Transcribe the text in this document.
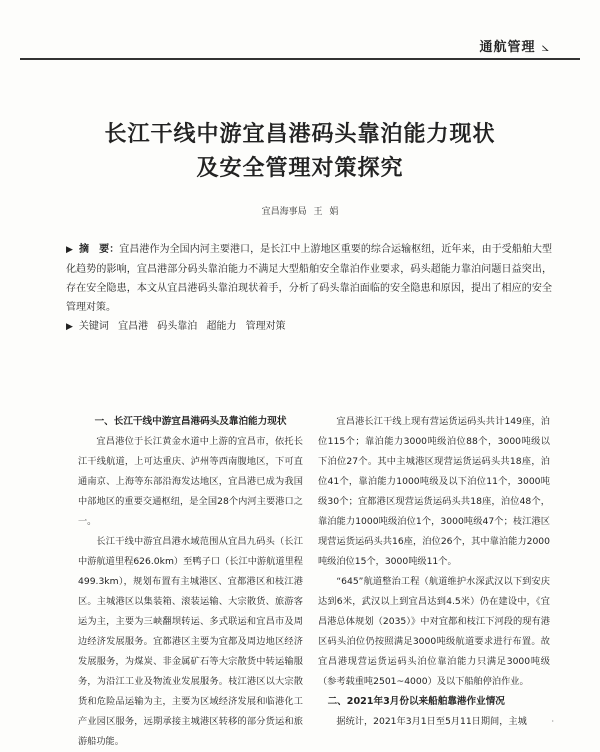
通航管理 ⦣
长江干线中游宜昌港码头靠泊能力现状
及安全管理对策探究
宜昌海事局 王 娟
▶ 摘　要：宜昌港作为全国内河主要港口，是长江中上游地区重要的综合运输枢纽，近年来，由于受船舶大型化趋势的影响，宜昌港部分码头靠泊能力不满足大型船舶安全靠泊作业要求，码头超能力靠泊问题日益突出，存在安全隐患，本文从宜昌港码头靠泊现状着手，分析了码头靠泊面临的安全隐患和原因，提出了相应的安全管理对策。
▶ 关键词 宜昌港 码头靠泊 超能力 管理对策
一、长江干线中游宜昌港码头及靠泊能力现状

宜昌港位于长江黄金水道中上游的宜昌市，依托长江干线航道，上可达重庆、泸州等西南腹地区，下可直通南京、上海等东部沿海发达地区，宜昌港已成为我国中部地区的重要交通枢纽，是全国28个内河主要港口之一。

长江干线中游宜昌港水域范围从宜昌九码头（长江中游航道里程626.0km）至鸭子口（长江中游航道里程499.3km），规划布置有主城港区、宜都港区和枝江港区。主城港区以集装箱、滚装运输、大宗散货、旅游客运为主，主要为三峡翻坝转运、多式联运和宜昌市及周边经济发展服务。宜都港区主要为宜都及周边地区经济发展服务，为煤炭、非金属矿石等大宗散货中转运输服务，为沿江工业及物流业发展服务。枝江港区以大宗散货和危险品运输为主，主要为区域经济发展和临港化工产业园区服务，远期承接主城港区转移的部分货运和旅游船功能。

宜昌港长江干线上现有营运货运码头共计149座，泊位115个；靠泊能力3000吨级泊位88个，3000吨级以下泊位27个。其中主城港区现营运货运码头共18座，泊位41个，靠泊能力1000吨级及以下泊位11个，3000吨级30个；宜都港区现营运货运码头共18座，泊位48个，靠泊能力1000吨级泊位1个，3000吨级47个；枝江港区现营运货运码头共16座，泊位26个，其中靠泊能力2000吨级泊位15个，3000吨级11个。

“645”航道整治工程（航道维护水深武汉以下到安庆达到6米，武汉以上到宜昌达到4.5米）仍在建设中，《宜昌港总体规划（2035）》中对宜都和枝江下河段的现有港区码头泊位仍按照满足3000吨级航道要求进行布置。故宜昌港现营运货运码头泊位靠泊能力只满足3000吨级（参考载重吨2501~4000）及以下船舶停泊作业。

二、2021年3月份以来船舶靠港作业情况

据统计，2021年3月1日至5月11日期间，主城	·
